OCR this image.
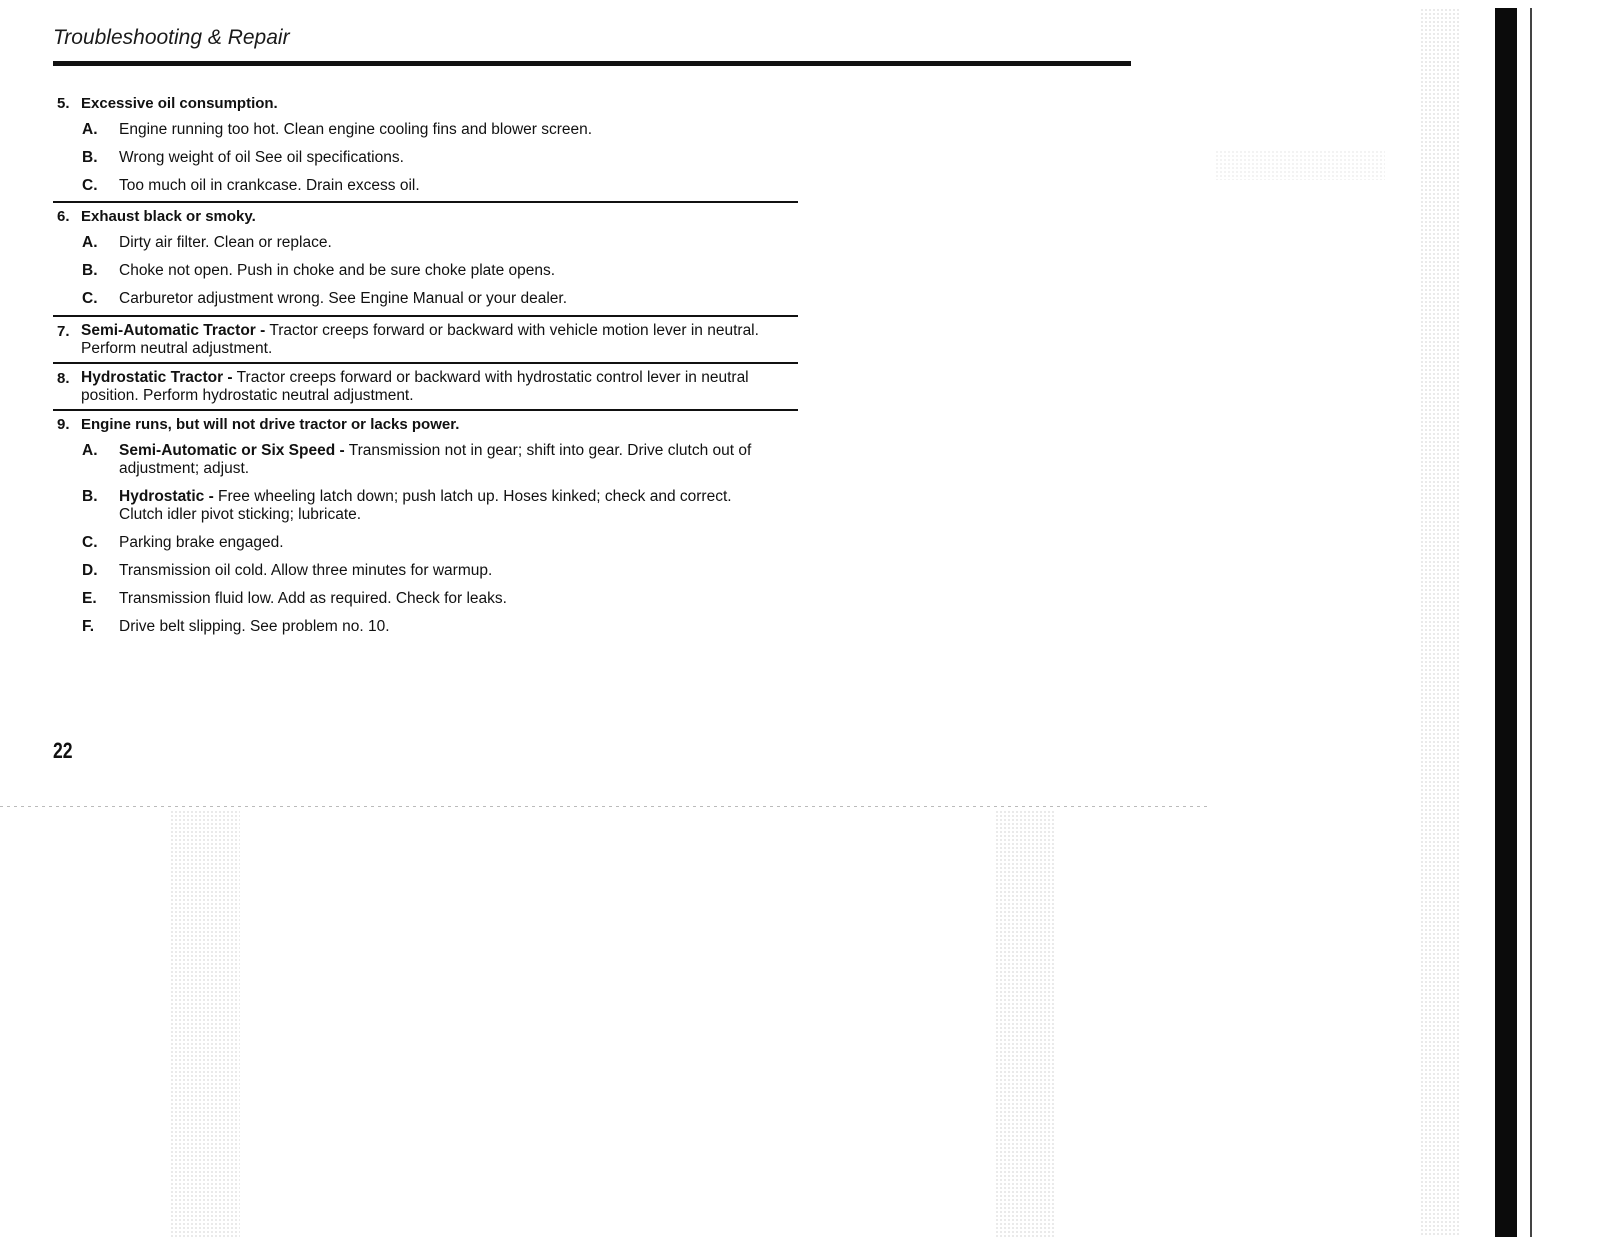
Troubleshooting & Repair
5. Excessive oil consumption.
A. Engine running too hot. Clean engine cooling fins and blower screen.
B. Wrong weight of oil See oil specifications.
C. Too much oil in crankcase. Drain excess oil.
6. Exhaust black or smoky.
A. Dirty air filter. Clean or replace.
B. Choke not open. Push in choke and be sure choke plate opens.
C. Carburetor adjustment wrong. See Engine Manual or your dealer.
7. Semi-Automatic Tractor - Tractor creeps forward or backward with vehicle motion lever in neutral. Perform neutral adjustment.
8. Hydrostatic Tractor - Tractor creeps forward or backward with hydrostatic control lever in neutral position. Perform hydrostatic neutral adjustment.
9. Engine runs, but will not drive tractor or lacks power.
A. Semi-Automatic or Six Speed - Transmission not in gear; shift into gear. Drive clutch out of adjustment; adjust.
B. Hydrostatic - Free wheeling latch down; push latch up. Hoses kinked; check and correct. Clutch idler pivot sticking; lubricate.
C. Parking brake engaged.
D. Transmission oil cold. Allow three minutes for warmup.
E. Transmission fluid low. Add as required. Check for leaks.
F. Drive belt slipping. See problem no. 10.
22
